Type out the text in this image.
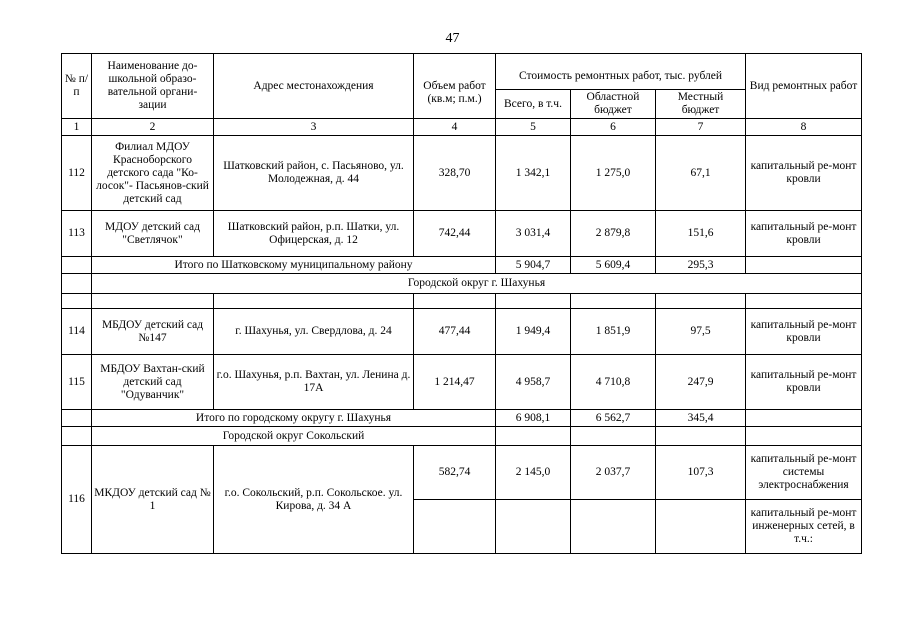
47
№ п/п	Наименование до-школьной образо-вательной органи-зации	Адрес местонахождения	Объем работ (кв.м; п.м.)	Стоимость ремонтных работ, тыс. рублей			Вид ремонтных работ
				Всего, в т.ч.	Областной бюджет	Местный бюджет	
1	2	3	4	5	6	7	8
112	Филиал МДОУ Красноборского детского сада "Ко-лосок"- Пасьянов-ский детский сад	Шатковский район, с. Пасьяново, ул. Молодежная, д. 44	328,70	1 342,1	1 275,0	67,1	капитальный ре-монт кровли
113	МДОУ детский сад "Светлячок"	Шатковский район, р.п. Шатки, ул. Офицерская, д. 12	742,44	3 031,4	2 879,8	151,6	капитальный ре-монт кровли
	Итого по Шатковскому муниципальному району			5 904,7	5 609,4	295,3	
	Городской округ г. Шахунья						

114	МБДОУ детский сад №147	г. Шахунья, ул. Свердлова, д. 24	477,44	1 949,4	1 851,9	97,5	капитальный ре-монт кровли
115	МБДОУ Вахтан-ский детский сад "Одуванчик"	г.о. Шахунья, р.п. Вахтан, ул. Ленина д. 17А	1 214,47	4 958,7	4 710,8	247,9	капитальный ре-монт кровли
	Итого по городскому округу г. Шахунья			6 908,1	6 562,7	345,4	
	Городской округ Сокольский						
116	МКДОУ детский сад № 1	г.о. Сокольский, р.п. Сокольское. ул. Кирова, д. 34 А	582,74	2 145,0	2 037,7	107,3	капитальный ре-монт системы электроснабжения
							капитальный ре-монт инженерных сетей, в т.ч.:
